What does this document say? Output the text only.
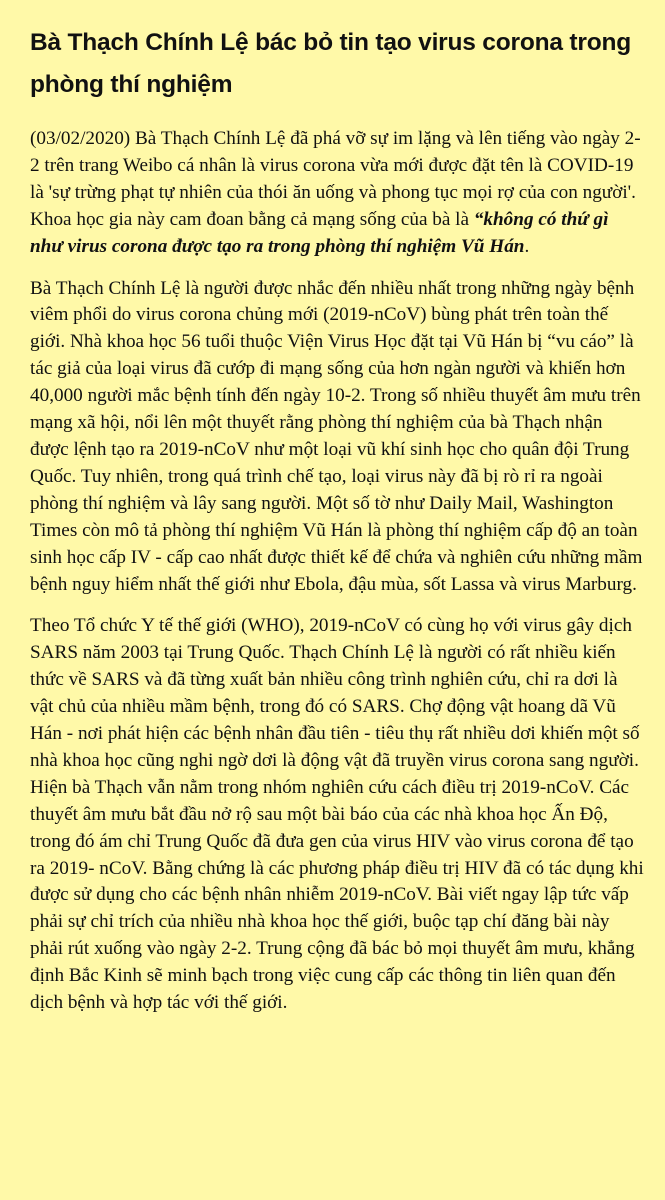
Bà Thạch Chính Lệ bác bỏ tin tạo virus corona trong phòng thí nghiệm

(03/02/2020) Bà Thạch Chính Lệ đã phá vỡ sự im lặng và lên tiếng vào ngày 2-2 trên trang Weibo cá nhân là virus corona vừa mới được đặt tên là COVID-19 là 'sự trừng phạt tự nhiên của thói ăn uống và phong tục mọi rợ của con người'. Khoa học gia này cam đoan bằng cả mạng sống của bà là “không có thứ gì như virus corona được tạo ra trong phòng thí nghiệm Vũ Hán.

Bà Thạch Chính Lệ là người được nhắc đến nhiều nhất trong những ngày bệnh viêm phổi do virus corona chủng mới (2019-nCoV) bùng phát trên toàn thế giới. Nhà khoa học 56 tuổi thuộc Viện Virus Học đặt tại Vũ Hán bị “vu cáo” là tác giả của loại virus đã cướp đi mạng sống của hơn ngàn người và khiến hơn 40,000 người mắc bệnh tính đến ngày 10-2. Trong số nhiều thuyết âm mưu trên mạng xã hội, nổi lên một thuyết rằng phòng thí nghiệm của bà Thạch nhận được lệnh tạo ra 2019-nCoV như một loại vũ khí sinh học cho quân đội Trung Quốc. Tuy nhiên, trong quá trình chế tạo, loại virus này đã bị rò rỉ ra ngoài phòng thí nghiệm và lây sang người. Một số tờ như Daily Mail, Washington Times còn mô tả phòng thí nghiệm Vũ Hán là phòng thí nghiệm cấp độ an toàn sinh học cấp IV - cấp cao nhất được thiết kế để chứa và nghiên cứu những mầm bệnh nguy hiểm nhất thế giới như Ebola, đậu mùa, sốt Lassa và virus Marburg.

Theo Tổ chức Y tế thế giới (WHO), 2019-nCoV có cùng họ với virus gây dịch SARS năm 2003 tại Trung Quốc. Thạch Chính Lệ là người có rất nhiều kiến thức về SARS và đã từng xuất bản nhiều công trình nghiên cứu, chỉ ra dơi là vật chủ của nhiều mầm bệnh, trong đó có SARS. Chợ động vật hoang dã Vũ Hán - nơi phát hiện các bệnh nhân đầu tiên - tiêu thụ rất nhiều dơi khiến một số nhà khoa học cũng nghi ngờ dơi là động vật đã truyền virus corona sang người. Hiện bà Thạch vẫn nằm trong nhóm nghiên cứu cách điều trị 2019-nCoV. Các thuyết âm mưu bắt đầu nở rộ sau một bài báo của các nhà khoa học Ấn Độ, trong đó ám chỉ Trung Quốc đã đưa gen của virus HIV vào virus corona để tạo ra 2019- nCoV. Bằng chứng là các phương pháp điều trị HIV đã có tác dụng khi được sử dụng cho các bệnh nhân nhiễm 2019-nCoV. Bài viết ngay lập tức vấp phải sự chỉ trích của nhiều nhà khoa học thế giới, buộc tạp chí đăng bài này phải rút xuống vào ngày 2-2. Trung cộng đã bác bỏ mọi thuyết âm mưu, khẳng định Bắc Kinh sẽ minh bạch trong việc cung cấp các thông tin liên quan đến dịch bệnh và hợp tác với thế giới.
